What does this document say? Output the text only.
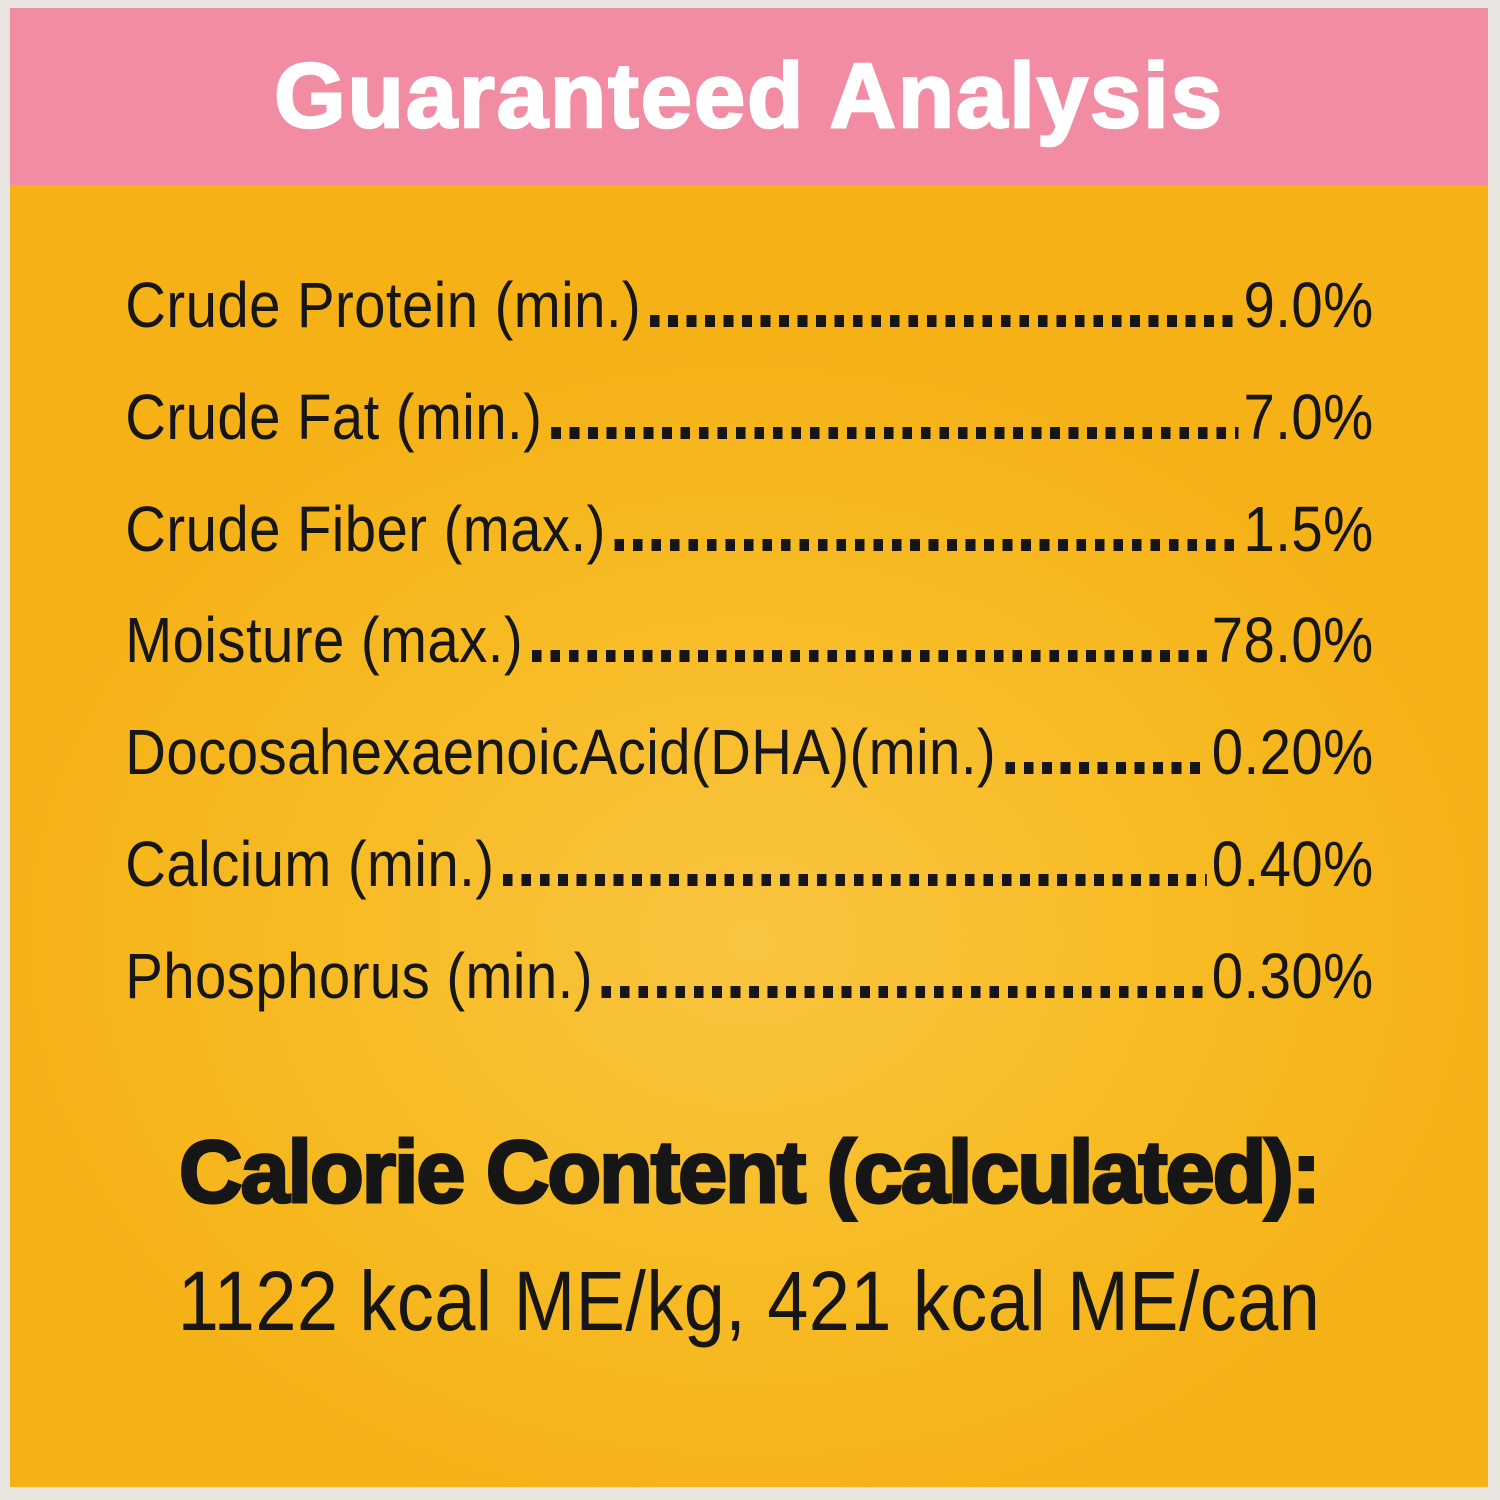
Guaranteed Analysis
Crude Protein (min.)	9.0%
Crude Fat (min.)	7.0%
Crude Fiber (max.)	1.5%
Moisture (max.)	78.0%
DocosahexaenoicAcid(DHA)(min.)	0.20%
Calcium (min.)	0.40%
Phosphorus (min.)	0.30%
Calorie Content (calculated):
1122 kcal ME/kg, 421 kcal ME/can
